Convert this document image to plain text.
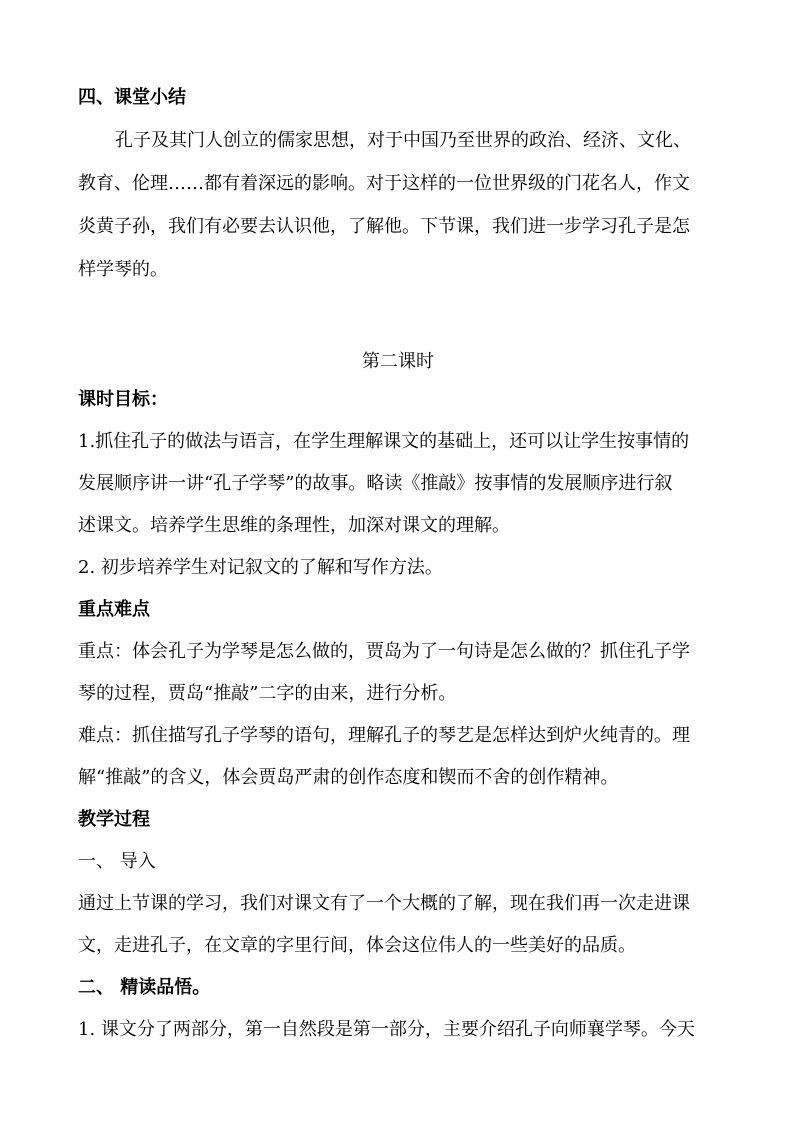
四、课堂小结
孔子及其门人创立的儒家思想，对于中国乃至世界的政治、经济、文化、
教育、伦理……都有着深远的影响。对于这样的一位世界级的门花名人，作文
炎黄子孙，我们有必要去认识他，了解他。下节课，我们进一步学习孔子是怎
样学琴的。
第二课时
课时目标：
1.抓住孔子的做法与语言，在学生理解课文的基础上，还可以让学生按事情的
发展顺序讲一讲“孔子学琴”的故事。略读《推敲》按事情的发展顺序进行叙
述课文。培养学生思维的条理性，加深对课文的理解。
2. 初步培养学生对记叙文的了解和写作方法。
重点难点
重点：体会孔子为学琴是怎么做的，贾岛为了一句诗是怎么做的？抓住孔子学
琴的过程，贾岛“推敲”二字的由来，进行分析。
难点：抓住描写孔子学琴的语句，理解孔子的琴艺是怎样达到炉火纯青的。理
解“推敲”的含义，体会贾岛严肃的创作态度和锲而不舍的创作精神。
教学过程
一、 导入
通过上节课的学习，我们对课文有了一个大概的了解，现在我们再一次走进课
文，走进孔子，在文章的字里行间，体会这位伟人的一些美好的品质。
二、 精读品悟。
1. 课文分了两部分，第一自然段是第一部分，主要介绍孔子向师襄学琴。今天
